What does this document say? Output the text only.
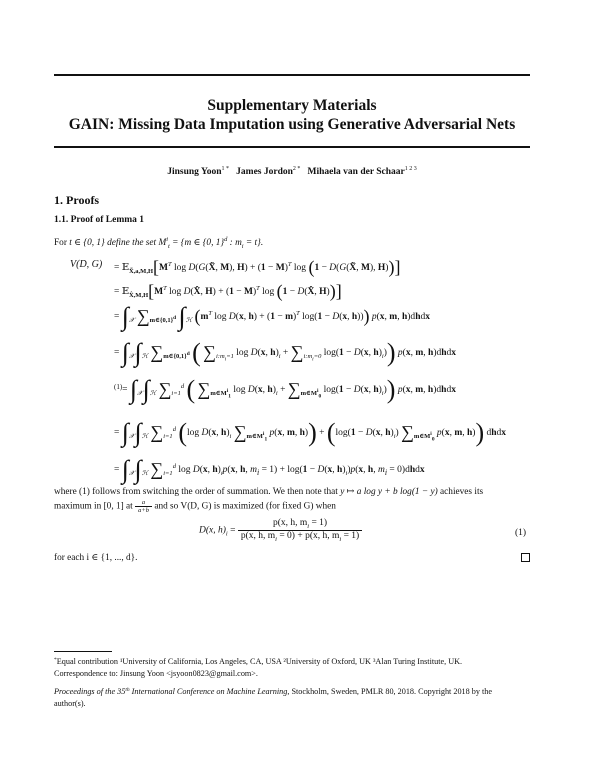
Supplementary Materials
GAIN: Missing Data Imputation using Generative Adversarial Nets
Jinsung Yoon$^{1 *}$ James Jordon$^{2 *}$ Mihaela van der Schaar$^{1 2 3}$
1. Proofs
1.1. Proof of Lemma 1
For t ∈ {0, 1} define the set $M^i_t = \{m$ ∈ {0, 1}$^d$ : $m_i = t$}.
V(D, $G) = 𝔼_{X̃,a,M,H}[M^T$ log D(G(X̃, M), $H) + (1 - M)^T$ log (1 − D(G(X̃, M), H))]
= $𝔼_{X̂,M,H}[M^T$ log D(X̂, $H) + (1 - M)^T$ log (1 − D(X̂, H))]
= $\int_𝒳$ $\sum_{m\in\{0,1\}^d}$ $\int_ℋ$ ($m^T$ log D(x, $h) + (1 - m)^T$ log(1 − D(x, h))) p(x, m, h)dhdx
= $\int_𝒳\int_ℋ$ $\sum_{m\in\{0,1\}^d}$ ( $\sum_{i:m_i=1}$ log D(x, $h)_i + \sum_{i:m_i=0}$ log(1 − D(x, $h)_i$)) p(x, m, h)dhdx
$^{(1)}= \int_𝒳\int_ℋ$ $\sum_{i=1}^d$ ( $\sum_{m\in M^i_1}$ log D(x, $h)_i + \sum_{m\in M^i_0}$ log(1 − D(x, $h)_i$)) p(x, m, h)dhdx
= $\int_𝒳\int_ℋ$ $\sum_{i=1}^d$ (log D(x, $h)_i$ $\sum_{m\in M^i_1}$ p(x, m, h)) + (log(1 − D(x, $h)_i$) $\sum_{m\in M^i_0}$ p(x, m, h)) dhdx
= $\int_𝒳\int_ℋ$ $\sum_{i=1}^d$ log D(x, $h)_ip(x$, h, $m_i = 1) + \log(1 - D(x$, $h)_i)p(x$, h, $m_i$ = 0)dhdx
where (1) follows from switching the order of summation. We then note that y ↦ a log y + b log(1 − y) achieves its
maximum in [0, 1] at $\frac{a}{a+b}$ and so V(D, G) is maximized (for fixed G) when
D(x, $h)_i = \frac{p(x, h, m_i = 1)}{p(x, h, m_i = 0) + p(x, h, m_i = 1)}$	(1)
for each i ∈ {1, ..., d}.
*Equal contribution ¹University of California, Los Angeles, CA, USA ²University of Oxford, UK ³Alan Turing Institute, UK.
Correspondence to: Jinsung Yoon <jsyoon0823@gmail.com>.
Proceedings of the 35th International Conference on Machine Learning, Stockholm, Sweden, PMLR 80, 2018. Copyright 2018 by the
author(s).
